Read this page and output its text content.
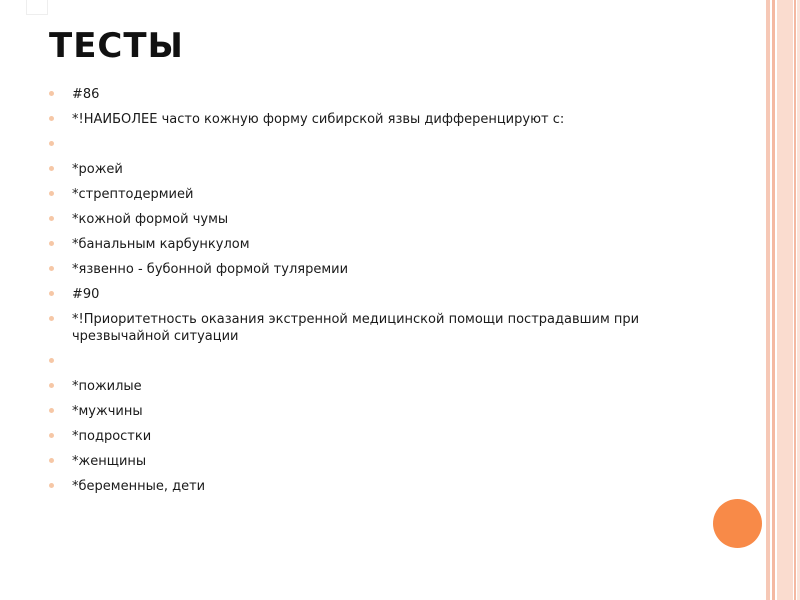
ТЕСТЫ
#86
*!НАИБОЛЕЕ часто кожную форму сибирской язвы дифференцируют с:
*рожей
*стрептодермией
*кожной формой чумы
*банальным карбункулом
*язвенно - бубонной формой туляремии
#90
*!Приоритетность оказания экстренной медицинской помощи пострадавшим при чрезвычайной ситуации
*пожилые
*мужчины
*подростки
*женщины
*беременные, дети
